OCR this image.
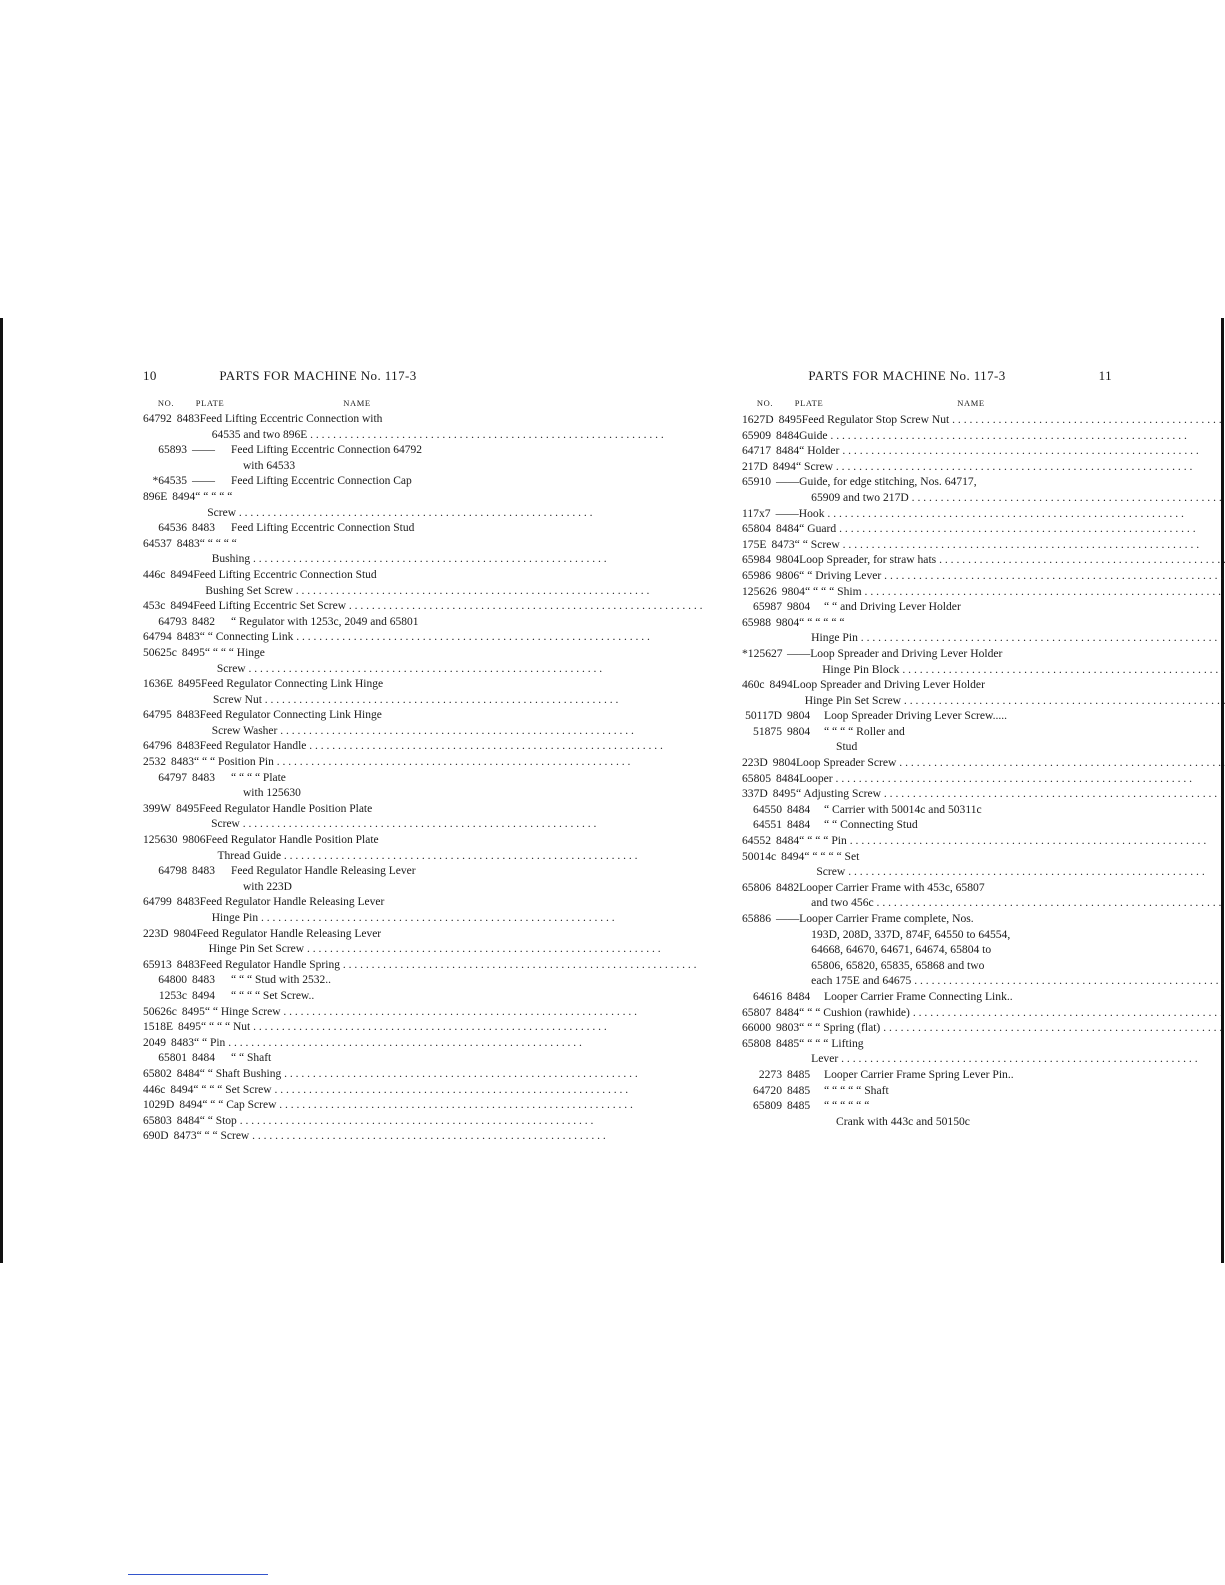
10	PARTS FOR MACHINE No. 117-3
NO.	PLATE	NAME
64792 8483 Feed Lifting Eccentric Connection with
64535 and two 896E . . .
65893 ——	Feed Lifting Eccentric Connection 64792
with 64533
*64535 ——	Feed Lifting Eccentric Connection Cap
896E 8494 “ “ “ “ “
Screw . . .
64536 8483	Feed Lifting Eccentric Connection Stud
64537 8483 “ “ “ “ “
Bushing . . .
446c 8494 Feed Lifting Eccentric Connection Stud
Bushing Set Screw . . .
453c 8494 Feed Lifting Eccentric Set Screw . . .
64793 8482	“ Regulator with 1253c, 2049 and 65801
64794 8483 “ “ Connecting Link . . .
50625c 8495 “ “ “ “ Hinge
Screw . . .
1636E 8495 Feed Regulator Connecting Link Hinge
Screw Nut . . .
64795 8483 Feed Regulator Connecting Link Hinge
Screw Washer . . .
64796 8483 Feed Regulator Handle . . .
2532 8483 “ “ “ Position Pin . . .
64797 8483	“ “ “ “ Plate
with 125630
399W 8495 Feed Regulator Handle Position Plate
Screw . . .
125630 9806 Feed Regulator Handle Position Plate
Thread Guide . . .
64798 8483	Feed Regulator Handle Releasing Lever
with 223D
64799 8483 Feed Regulator Handle Releasing Lever
Hinge Pin . . .
223D 9804 Feed Regulator Handle Releasing Lever
Hinge Pin Set Screw . . .
65913 8483 Feed Regulator Handle Spring . . .
64800 8483	“ “ “ Stud with 2532..
1253c 8494	“ “ “ “ Set Screw..
50626c 8495 “ “ Hinge Screw . . .
1518E 8495 “ “ “ “ Nut . . .
2049 8483 “ “ Pin . . .
65801 8484	“ “ Shaft
65802 8484 “ “ Shaft Bushing . . .
446c 8494 “ “ “ “ Set Screw . . .
1029D 8494 “ “ “ Cap Screw . . .
65803 8484 “ “ Stop . . .
690D 8473 “ “ “ Screw . . .
PARTS FOR MACHINE No. 117-3	11
NO.	PLATE	NAME
1627D 8495 Feed Regulator Stop Screw Nut . . .
65909 8484 Guide . . .
64717 8484 “ Holder . . .
217D 8494 “ Screw . . .
65910 —— Guide, for edge stitching, Nos. 64717,
65909 and two 217D . . .
117x7 —— Hook . . .
65804 8484 “ Guard . . .
175E 8473 “ “ Screw . . .
65984 9804 Loop Spreader, for straw hats . . .
65986 9806 “ “ Driving Lever . . .
125626 9804 “ “ “ “ Shim . . .
65987 9804	“ “ and Driving Lever Holder
65988 9804 “ “ “ “ “ “
Hinge Pin . . .
*125627 —— Loop Spreader and Driving Lever Holder
Hinge Pin Block . . .
460c 8494 Loop Spreader and Driving Lever Holder
Hinge Pin Set Screw . . .
50117D 9804	Loop Spreader Driving Lever Screw.....
51875 9804	“ “ “ “ Roller and
Stud
223D 9804 Loop Spreader Screw . . .
65805 8484 Looper . . .
337D 8495 “ Adjusting Screw . . .
64550 8484	“ Carrier with 50014c and 50311c
64551 8484	“ “ Connecting Stud
64552 8484 “ “ “ “ Pin . . .
50014c 8494 “ “ “ “ “ Set
Screw . . .
65806 8482 Looper Carrier Frame with 453c, 65807
and two 456c . . .
65886 —— Looper Carrier Frame complete, Nos.
193D, 208D, 337D, 874F, 64550 to 64554,
64668, 64670, 64671, 64674, 65804 to
65806, 65820, 65835, 65868 and two
each 175E and 64675 . . .
64616 8484	Looper Carrier Frame Connecting Link..
65807 8484 “ “ “ Cushion (rawhide) . . .
66000 9803 “ “ “ Spring (flat) . . .
65808 8485 “ “ “ “ Lifting
Lever . . .
2273 8485	Looper Carrier Frame Spring Lever Pin..
64720 8485	“ “ “ “ “ Shaft
65809 8485	“ “ “ “ “ “
Crank with 443c and 50150c
